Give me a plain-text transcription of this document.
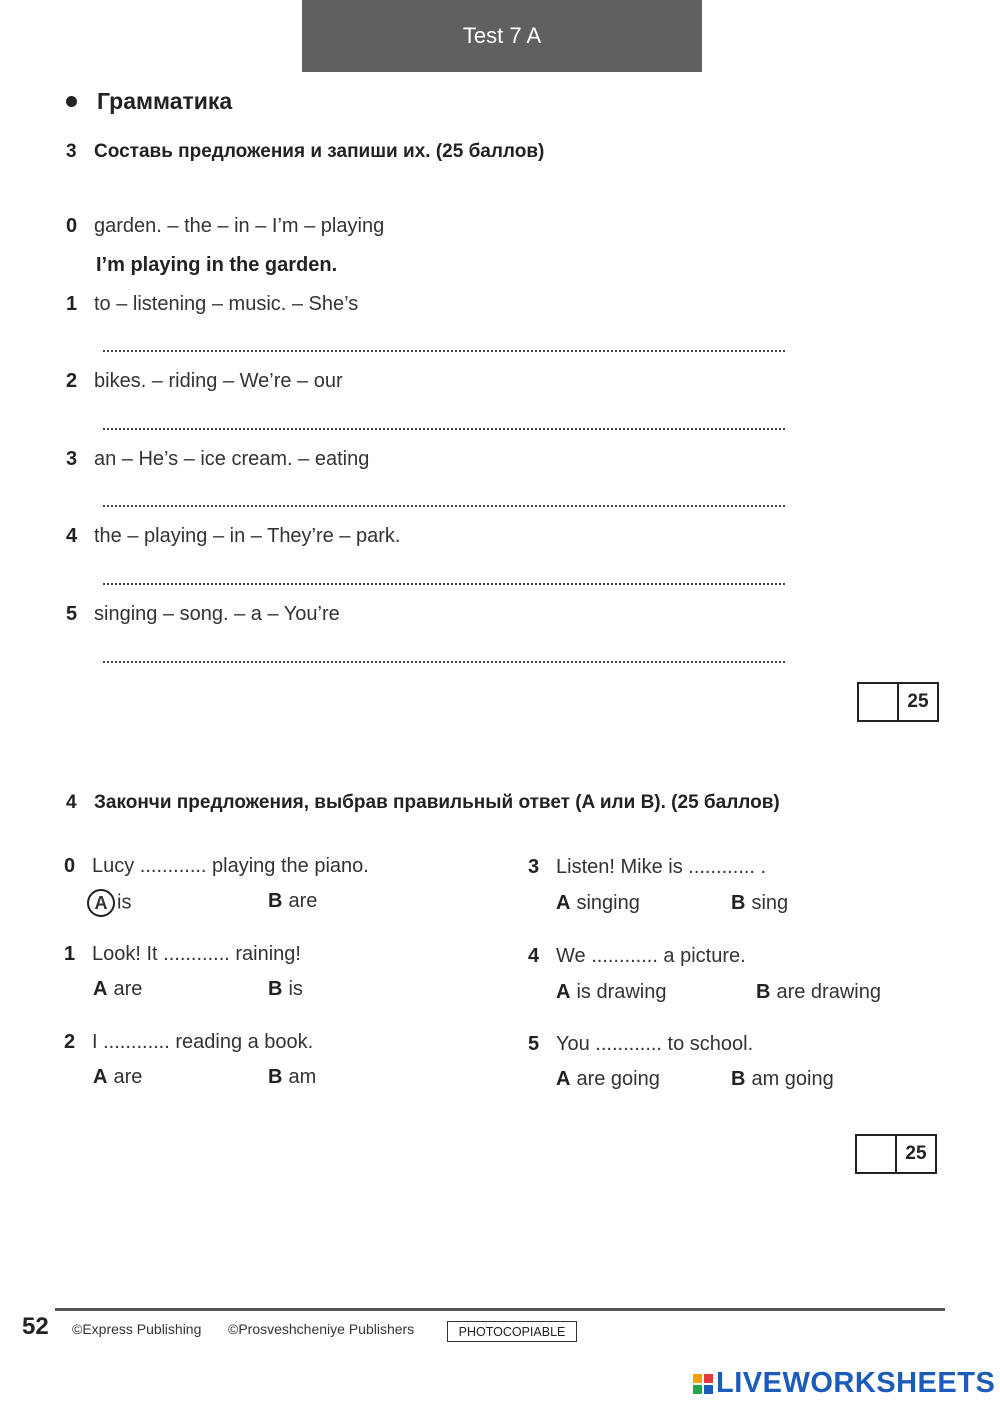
Test 7 A
Грамматика
3 Составь предложения и запиши их. (25 баллов)
0 garden. – the – in – I’m – playing
I’m playing in the garden.
1 to – listening – music. – She’s
2 bikes. – riding – We’re – our
3 an – He’s – ice cream. – eating
4 the – playing – in – They’re – park.
5 singing – song. – a – You’re
25
4 Закончи предложения, выбрав правильный ответ (A или B). (25 баллов)
0 Lucy ............ playing the piano.
A is	B are
1 Look! It ............ raining!
A are	B is
2 I ............ reading a book.
A are	B am
3 Listen! Mike is ............ .
A singing	B sing
4 We ............ a picture.
A is drawing	B are drawing
5 You ............ to school.
A are going	B am going
25
52 ©Express Publishing ©Prosveshcheniye Publishers	PHOTOCOPIABLE
LIVEWORKSHEETS
